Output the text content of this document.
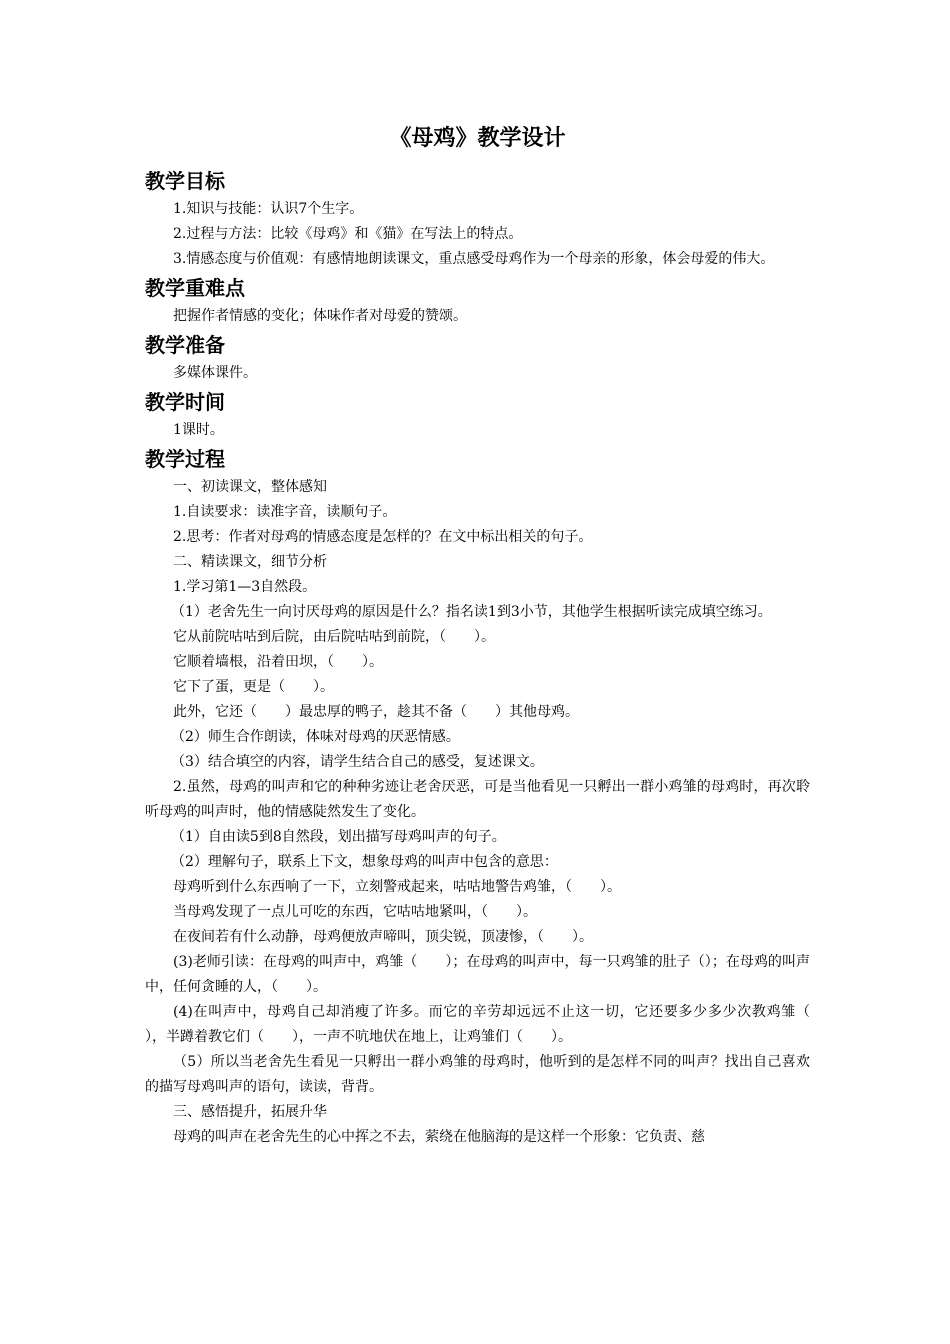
《母鸡》教学设计
教学目标

1.知识与技能：认识7个生字。

2.过程与方法：比较《母鸡》和《猫》在写法上的特点。

3.情感态度与价值观：有感情地朗读课文，重点感受母鸡作为一个母亲的形象，体会母爱的伟大。

教学重难点

把握作者情感的变化；体味作者对母爱的赞颂。

教学准备

多媒体课件。

教学时间

1课时。

教学过程

一、初读课文，整体感知

1.自读要求：读准字音，读顺句子。

2.思考：作者对母鸡的情感态度是怎样的？在文中标出相关的句子。

二、精读课文，细节分析

1.学习第1—3自然段。

（1）老舍先生一向讨厌母鸡的原因是什么？指名读1到3小节，其他学生根据听读完成填空练习。

它从前院咕咕到后院，由后院咕咕到前院，（　　）。

它顺着墙根，沿着田坝，（　　）。

它下了蛋，更是（　　）。

此外，它还（　　）最忠厚的鸭子，趁其不备（　　）其他母鸡。

（2）师生合作朗读，体味对母鸡的厌恶情感。

（3）结合填空的内容，请学生结合自己的感受，复述课文。

2.虽然，母鸡的叫声和它的种种劣迹让老舍厌恶，可是当他看见一只孵出一群小鸡雏的母鸡时，再次聆听母鸡的叫声时，他的情感陡然发生了变化。

（1）自由读5到8自然段，划出描写母鸡叫声的句子。

（2）理解句子，联系上下文，想象母鸡的叫声中包含的意思：

母鸡听到什么东西响了一下，立刻警戒起来，咕咕地警告鸡雏，（　　）。

当母鸡发现了一点儿可吃的东西，它咕咕地紧叫，（　　）。

在夜间若有什么动静，母鸡便放声啼叫，顶尖锐，顶凄惨，（　　）。

(3)老师引读：在母鸡的叫声中，鸡雏（　　）；在母鸡的叫声中，每一只鸡雏的肚子（）；在母鸡的叫声中，任何贪睡的人，（　　）。

(4)在叫声中，母鸡自己却消瘦了许多。而它的辛劳却远远不止这一切，它还要多少多少次教鸡雏（　　），半蹲着教它们（　　），一声不吭地伏在地上，让鸡雏们（　　）。

（5）所以当老舍先生看见一只孵出一群小鸡雏的母鸡时，他听到的是怎样不同的叫声？找出自己喜欢的描写母鸡叫声的语句，读读，背背。

三、感悟提升，拓展升华

母鸡的叫声在老舍先生的心中挥之不去，萦绕在他脑海的是这样一个形象：它负责、慈
